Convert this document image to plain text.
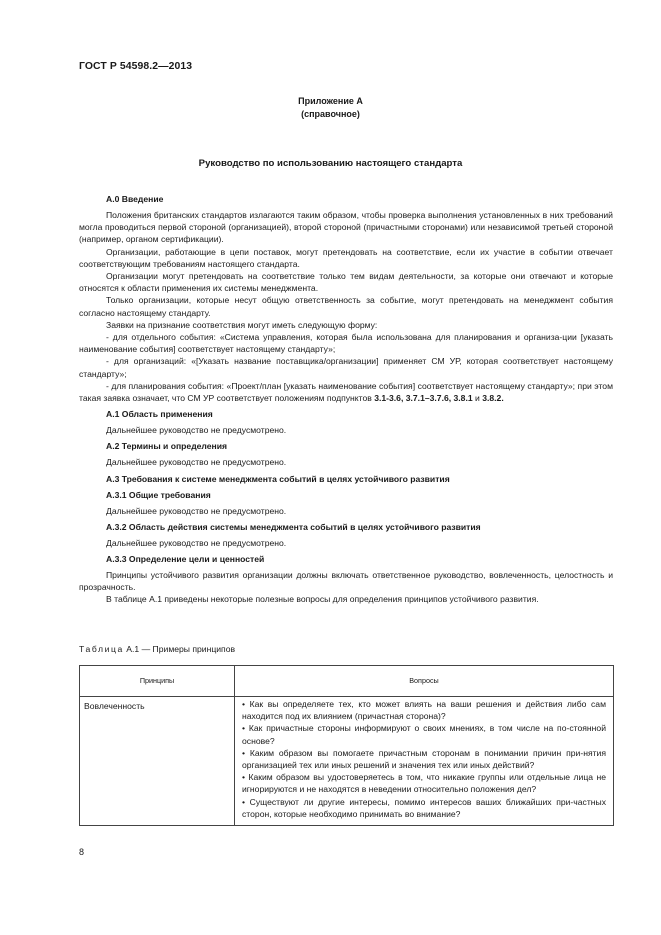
ГОСТ Р 54598.2—2013
Приложение А
(справочное)
Руководство по использованию настоящего стандарта

А.0 Введение

Положения британских стандартов излагаются таким образом, чтобы проверка выполнения установленных в них требований могла проводиться первой стороной (организацией), второй стороной (причастными сторонами) или независимой третьей стороной (например, органом сертификации).

Организации, работающие в цепи поставок, могут претендовать на соответствие, если их участие в событии отвечает соответствующим требованиям настоящего стандарта.

Организации могут претендовать на соответствие только тем видам деятельности, за которые они отвечают и которые относятся к области применения их системы менеджмента.

Только организации, которые несут общую ответственность за событие, могут претендовать на менеджмент события согласно настоящему стандарту.

Заявки на признание соответствия могут иметь следующую форму:

- для отдельного события: «Система управления, которая была использована для планирования и организа-ции [указать наименование события] соответствует настоящему стандарту»;

- для организаций: «[Указать название поставщика/организации] применяет СМ УР, которая соответствует настоящему стандарту»;

- для планирования события: «Проект/план [указать наименование события] соответствует настоящему стандарту»; при этом такая заявка означает, что СМ УР соответствует положениям подпунктов 3.1-3.6, 3.7.1–3.7.6, 3.8.1 и 3.8.2.

А.1 Область применения

Дальнейшее руководство не предусмотрено.

А.2 Термины и определения

Дальнейшее руководство не предусмотрено.

А.3 Требования к системе менеджмента событий в целях устойчивого развития

А.3.1 Общие требования

Дальнейшее руководство не предусмотрено.

А.3.2 Область действия системы менеджмента событий в целях устойчивого развития

Дальнейшее руководство не предусмотрено.

А.3.3 Определение цели и ценностей

Принципы устойчивого развития организации должны включать ответственное руководство, вовлеченность, целостность и прозрачность.

В таблице А.1 приведены некоторые полезные вопросы для определения принципов устойчивого развития.

Таблица А.1 — Примеры принципов
Принципы	Вопросы
Вовлеченность	• Как вы определяете тех, кто может влиять на ваши решения и действия либо сам находится под их влиянием (причастная сторона)?

• Как причастные стороны информируют о своих мнениях, в том числе на по-стоянной основе?

• Каким образом вы помогаете причастным сторонам в понимании причин при-нятия организацией тех или иных решений и значения тех или иных действий?

• Каким образом вы удостоверяетесь в том, что никакие группы или отдельные лица не игнорируются и не находятся в неведении относительно положения дел?

• Существуют ли другие интересы, помимо интересов ваших ближайших при-частных сторон, которые необходимо принимать во внимание?

8
